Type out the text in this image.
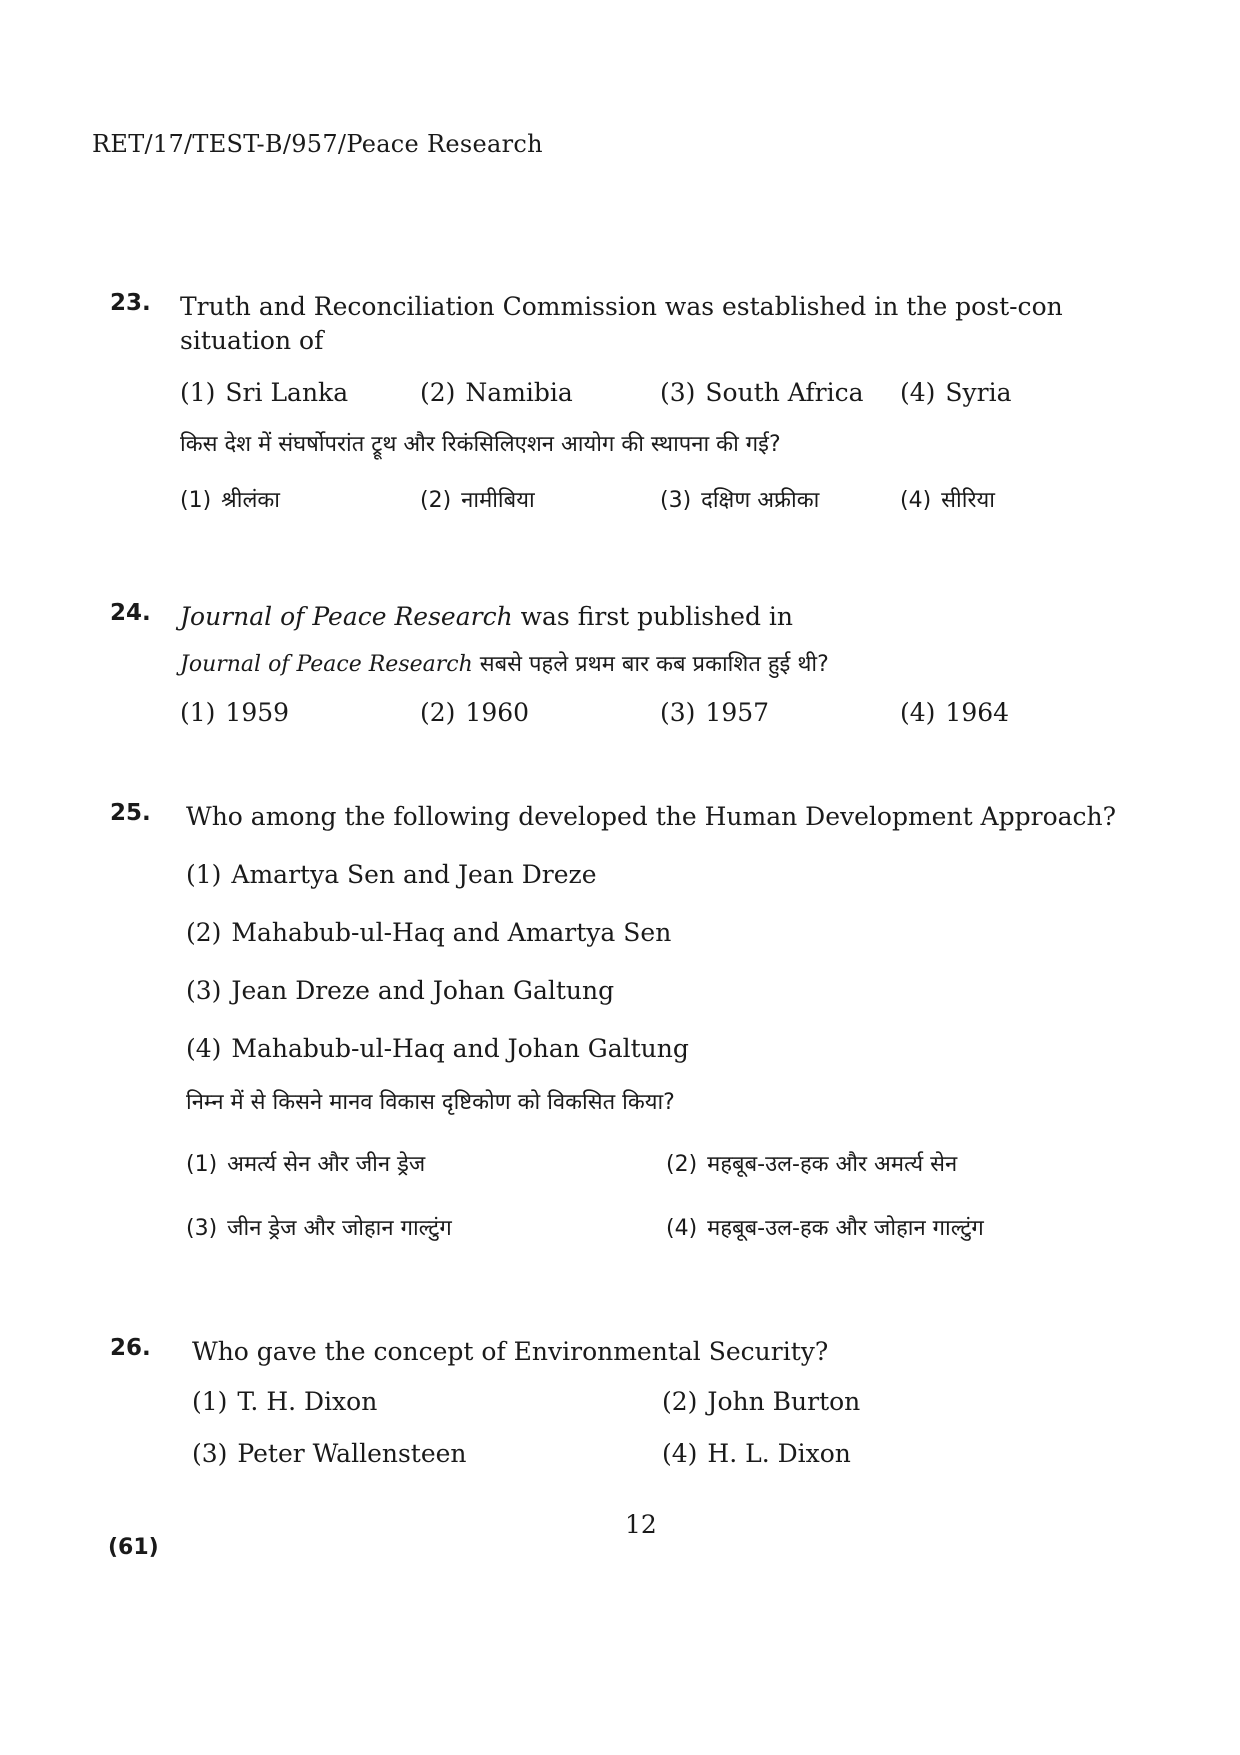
RET/17/TEST-B/957/Peace Research
23. Truth and Reconciliation Commission was established in the post-con situation of

(1) Sri Lanka	(2) Namibia	(3) South Africa	(4) Syria

किस देश में संघर्षोपरांत ट्रूथ और रिकंसिलिएशन आयोग की स्थापना की गई?

(1) श्रीलंका	(2) नामीबिया	(3) दक्षिण अफ्रीका	(4) सीरिया
24. Journal of Peace Research was first published in

Journal of Peace Research सबसे पहले प्रथम बार कब प्रकाशित हुई थी?

(1) 1959	(2) 1960	(3) 1957	(4) 1964
25. Who among the following developed the Human Development Approach?

(1) Amartya Sen and Jean Dreze
(2) Mahabub-ul-Haq and Amartya Sen
(3) Jean Dreze and Johan Galtung
(4) Mahabub-ul-Haq and Johan Galtung

निम्न में से किसने मानव विकास दृष्टिकोण को विकसित किया?

(1) अमर्त्य सेन और जीन ड्रेज	(2) महबूब-उल-हक और अमर्त्य सेन
(3) जीन ड्रेज और जोहान गाल्टुंग	(4) महबूब-उल-हक और जोहान गाल्टुंग
26. Who gave the concept of Environmental Security?

(1) T. H. Dixon	(2) John Burton
(3) Peter Wallensteen	(4) H. L. Dixon
12
(61)
